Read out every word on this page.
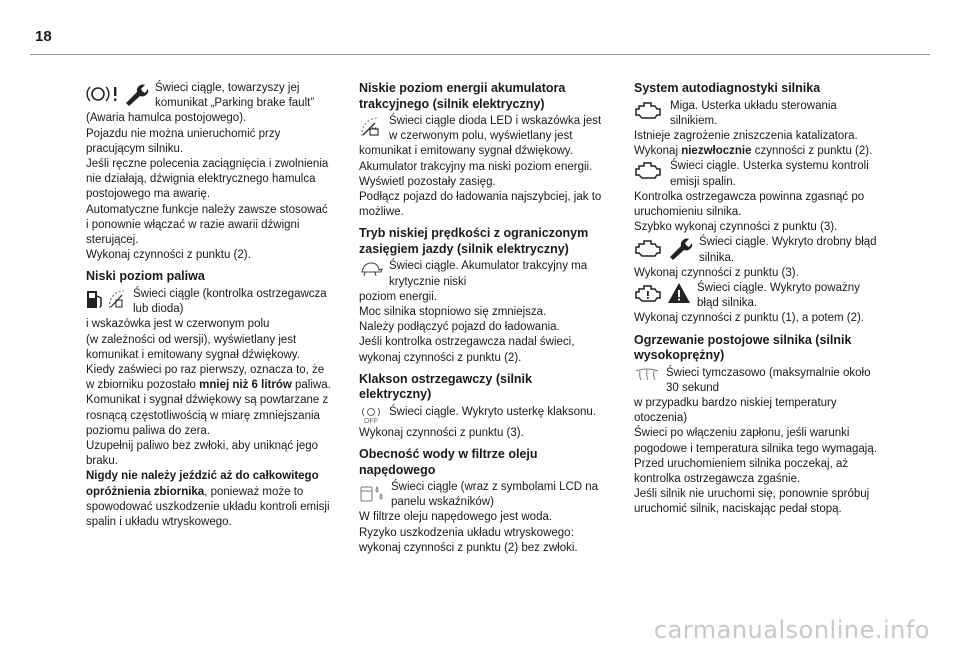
18

Świeci ciągle, towarzyszy jej komunikat „Parking brake fault”

(Awaria hamulca postojowego).

Pojazdu nie można unieruchomić przy pracującym silniku.

Jeśli ręczne polecenia zaciągnięcia i zwolnienia nie działają, dźwignia elektrycznego hamulca postojowego ma awarię.

Automatyczne funkcje należy zawsze stosować i ponownie włączać w razie awarii dźwigni sterującej.

Wykonaj czynności z punktu (2).

Niski poziom paliwa

Świeci ciągle (kontrolka ostrzegawcza lub dioda)

i wskazówka jest w czerwonym polu

(w zależności od wersji), wyświetlany jest komunikat i emitowany sygnał dźwiękowy.

Kiedy zaświeci po raz pierwszy, oznacza to, że w zbiorniku pozostało mniej niż 6 litrów paliwa.

Komunikat i sygnał dźwiękowy są powtarzane z rosnącą częstotliwością w miarę zmniejszania poziomu paliwa do zera.

Uzupełnij paliwo bez zwłoki, aby uniknąć jego braku.

Nigdy nie należy jeździć aż do całkowitego opróżnienia zbiornika, ponieważ może to spowodować uszkodzenie układu kontroli emisji spalin i układu wtryskowego.

Niskie poziom energii akumulatora trakcyjnego (silnik elektryczny)

Świeci ciągle dioda LED i wskazówka jest w czerwonym polu, wyświetlany jest

komunikat i emitowany sygnał dźwiękowy.

Akumulator trakcyjny ma niski poziom energii.

Wyświetl pozostały zasięg.

Podłącz pojazd do ładowania najszybciej, jak to możliwe.

Tryb niskiej prędkości z ograniczonym zasięgiem jazdy (silnik elektryczny)

Świeci ciągle. Akumulator trakcyjny ma krytycznie niski

poziom energii.

Moc silnika stopniowo się zmniejsza.

Należy podłączyć pojazd do ładowania.

Jeśli kontrolka ostrzegawcza nadal świeci, wykonaj czynności z punktu (2).

Klakson ostrzegawczy (silnik elektryczny)
OFF

Świeci ciągle. Wykryto usterkę klaksonu.

Wykonaj czynności z punktu (3).

Obecność wody w filtrze oleju napędowego

Świeci ciągle (wraz z symbolami LCD na panelu wskaźników)

W filtrze oleju napędowego jest woda.

Ryzyko uszkodzenia układu wtryskowego: wykonaj czynności z punktu (2) bez zwłoki.

System autodiagnostyki silnika

Miga. Usterka układu sterowania silnikiem.

Istnieje zagrożenie zniszczenia katalizatora. Wykonaj niezwłocznie czynności z punktu (2).

Świeci ciągle. Usterka systemu kontroli emisji spalin.

Kontrolka ostrzegawcza powinna zgasnąć po uruchomieniu silnika.

Szybko wykonaj czynności z punktu (3).

Świeci ciągle. Wykryto drobny błąd silnika.

Wykonaj czynności z punktu (3).

Świeci ciągle. Wykryto poważny błąd silnika.

Wykonaj czynności z punktu (1), a potem (2).

Ogrzewanie postojowe silnika (silnik wysokoprężny)

Świeci tymczasowo (maksymalnie około 30 sekund

w przypadku bardzo niskiej temperatury otoczenia)

Świeci po włączeniu zapłonu, jeśli warunki pogodowe i temperatura silnika tego wymagają.

Przed uruchomieniem silnika poczekaj, aż kontrolka ostrzegawcza zgaśnie.

Jeśli silnik nie uruchomi się, ponownie spróbuj uruchomić silnik, naciskając pedał stopą.

carmanualsonline.info
